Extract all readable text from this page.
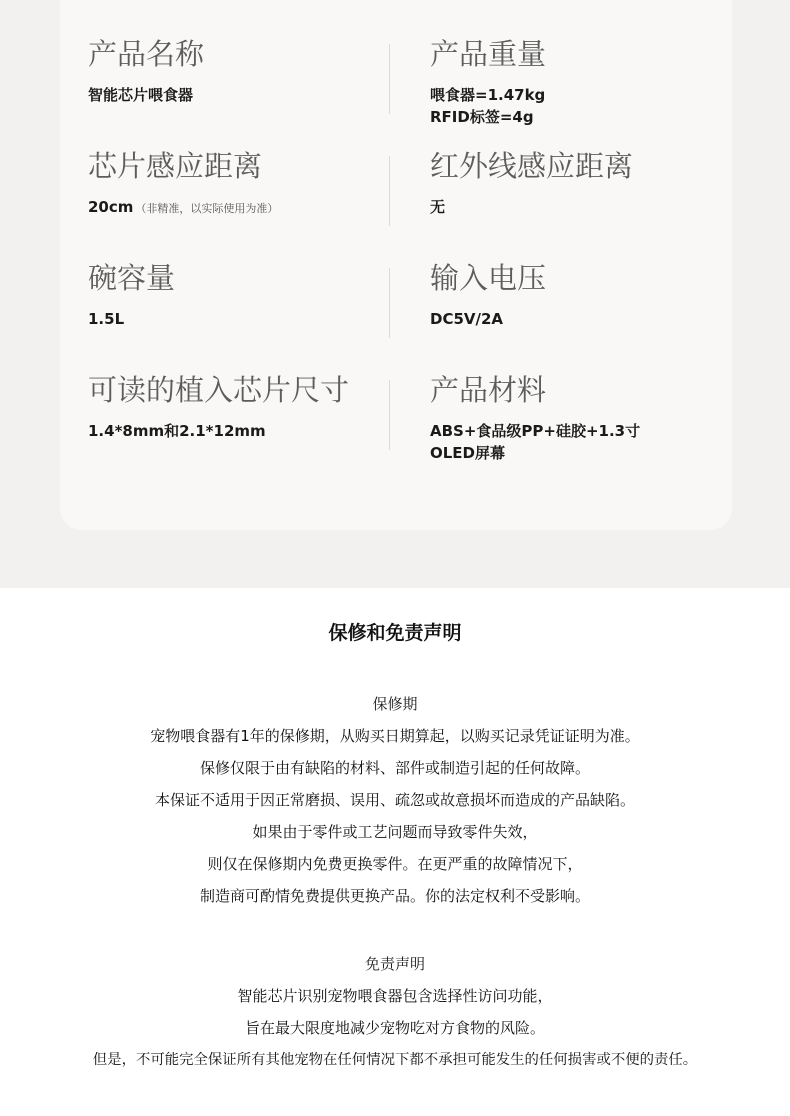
产品名称
智能芯片喂食器
产品重量
喂食器=1.47kg
RFID标签=4g
芯片感应距离
20cm （非精准，以实际使用为准）
红外线感应距离
无
碗容量
1.5L
输入电压
DC5V/2A
可读的植入芯片尺寸
1.4*8mm和2.1*12mm
产品材料
ABS+食品级PP+硅胶+1.3寸
OLED屏幕
保修和免责声明
保修期
宠物喂食器有1年的保修期，从购买日期算起，以购买记录凭证证明为准。
保修仅限于由有缺陷的材料、部件或制造引起的任何故障。
本保证不适用于因正常磨损、误用、疏忽或故意损坏而造成的产品缺陷。
如果由于零件或工艺问题而导致零件失效，
则仅在保修期内免费更换零件。在更严重的故障情况下，
制造商可酌情免费提供更换产品。你的法定权利不受影响。
免责声明
智能芯片识别宠物喂食器包含选择性访问功能，
旨在最大限度地减少宠物吃对方食物的风险。
但是，不可能完全保证所有其他宠物在任何情况下都不承担可能发生的任何损害或不便的责任。
